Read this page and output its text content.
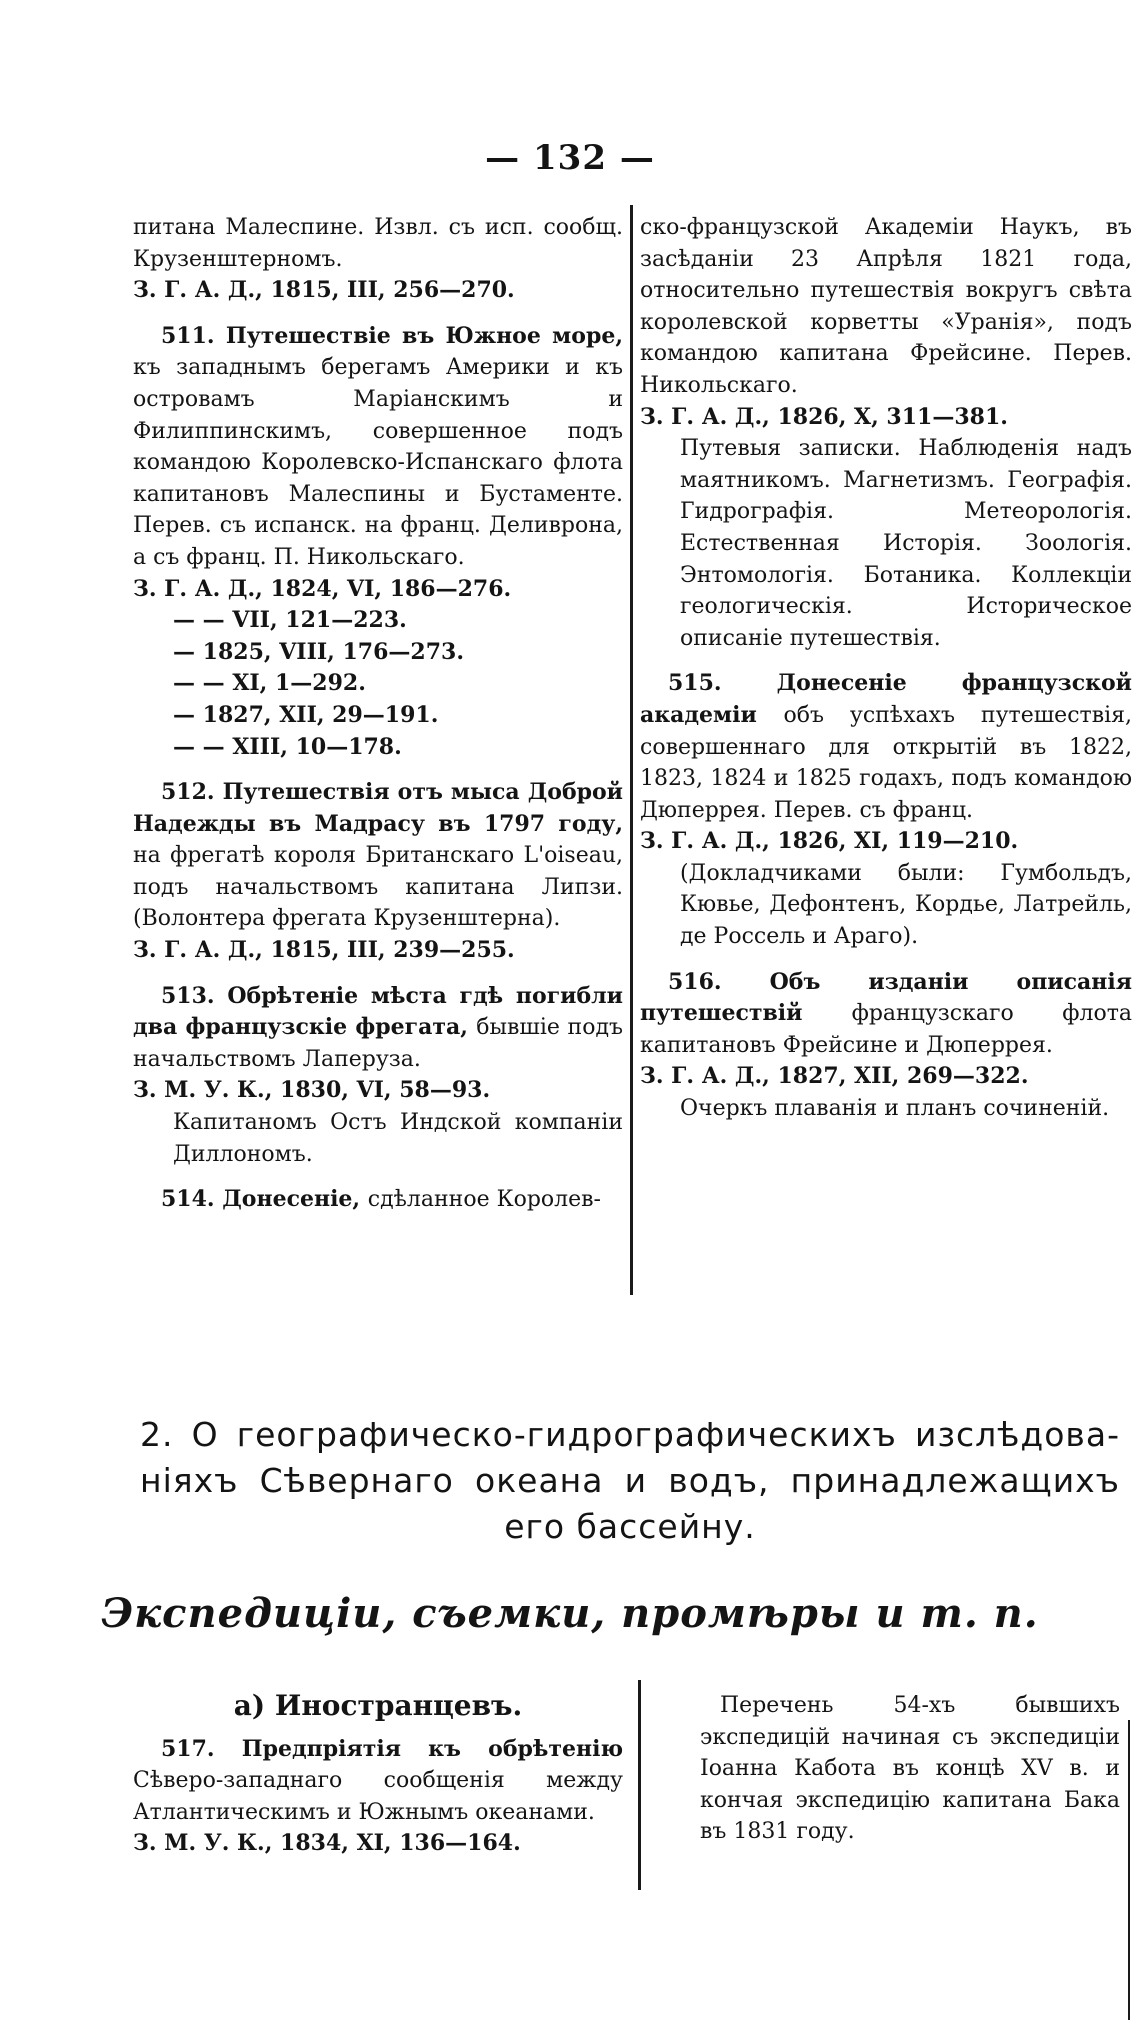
— 132 —

питана Малеспине. Извл. съ исп. сообщ. Крузенштерномъ.

З. Г. А. Д., 1815, III, 256—270.

511. Путешествіе въ Южное море, къ западнымъ берегамъ Америки и къ островамъ Маріанскимъ и Филиппинскимъ, совершенное подъ командою Королевско-Испанскаго флота капитановъ Малеспины и Бустаменте. Перев. съ испанск. на франц. Деливрона, а съ франц. П. Никольскаго.

З. Г. А. Д., 1824, VI, 186—276.

— — VII, 121—223.

— 1825, VIII, 176—273.

— — XI, 1—292.

— 1827, XII, 29—191.

— — XIII, 10—178.

512. Путешествія отъ мыса Доброй Надежды въ Мадрасу въ 1797 году, на фрегатѣ короля Британскаго L'oiseau, подъ начальствомъ капитана Липзи. (Волонтера фрегата Крузенштерна).

З. Г. А. Д., 1815, III, 239—255.

513. Обрѣтеніе мѣста гдѣ погибли два французскіе фрегата, бывшіе подъ начальствомъ Лаперуза.

З. М. У. К., 1830, VI, 58—93.

Капитаномъ Остъ Индской компаніи Диллономъ.

514. Донесеніе, сдѣланное Королев-

ско-французской Академіи Наукъ, въ засѣданіи 23 Апрѣля 1821 года, относительно путешествія вокругъ свѣта королевской корветты «Уранія», подъ командою капитана Фрейсине. Перев. Никольскаго.

З. Г. А. Д., 1826, X, 311—381.

Путевыя записки. Наблюденія надъ маятникомъ. Магнетизмъ. Географія. Гидрографія. Метеорологія. Естественная Исторія. Зоологія. Энтомологія. Ботаника. Коллекціи геологическія. Историческое описаніе путешествія.

515. Донесеніе французской академіи объ успѣхахъ путешествія, совершеннаго для открытій въ 1822, 1823, 1824 и 1825 годахъ, подъ командою Дюперрея. Перев. съ франц.

З. Г. А. Д., 1826, XI, 119—210.

(Докладчиками были: Гумбольдъ, Кювье, Дефонтенъ, Кордье, Латрейль, де Россель и Араго).

516. Объ изданіи описанія путешествій французскаго флота капитановъ Фрейсине и Дюперрея.

З. Г. А. Д., 1827, XII, 269—322.

Очеркъ плаванія и планъ сочиненій.

2. О географическо-гидрографическихъ изслѣдова-
ніяхъ Сѣвернаго океана и водъ, принадлежащихъ
его бассейну.
Экспедиціи, съемки, промѣры и т. п.

а) Иностранцевъ.

517. Предпріятія къ обрѣтенію Сѣверо-западнаго сообщенія между Атлантическимъ и Южнымъ океанами.

З. М. У. К., 1834, XI, 136—164.

Перечень 54-хъ бывшихъ экспедицій начиная съ экспедиціи Іоанна Кабота въ концѣ XV в. и кончая экспедицію капитана Бака въ 1831 году.
